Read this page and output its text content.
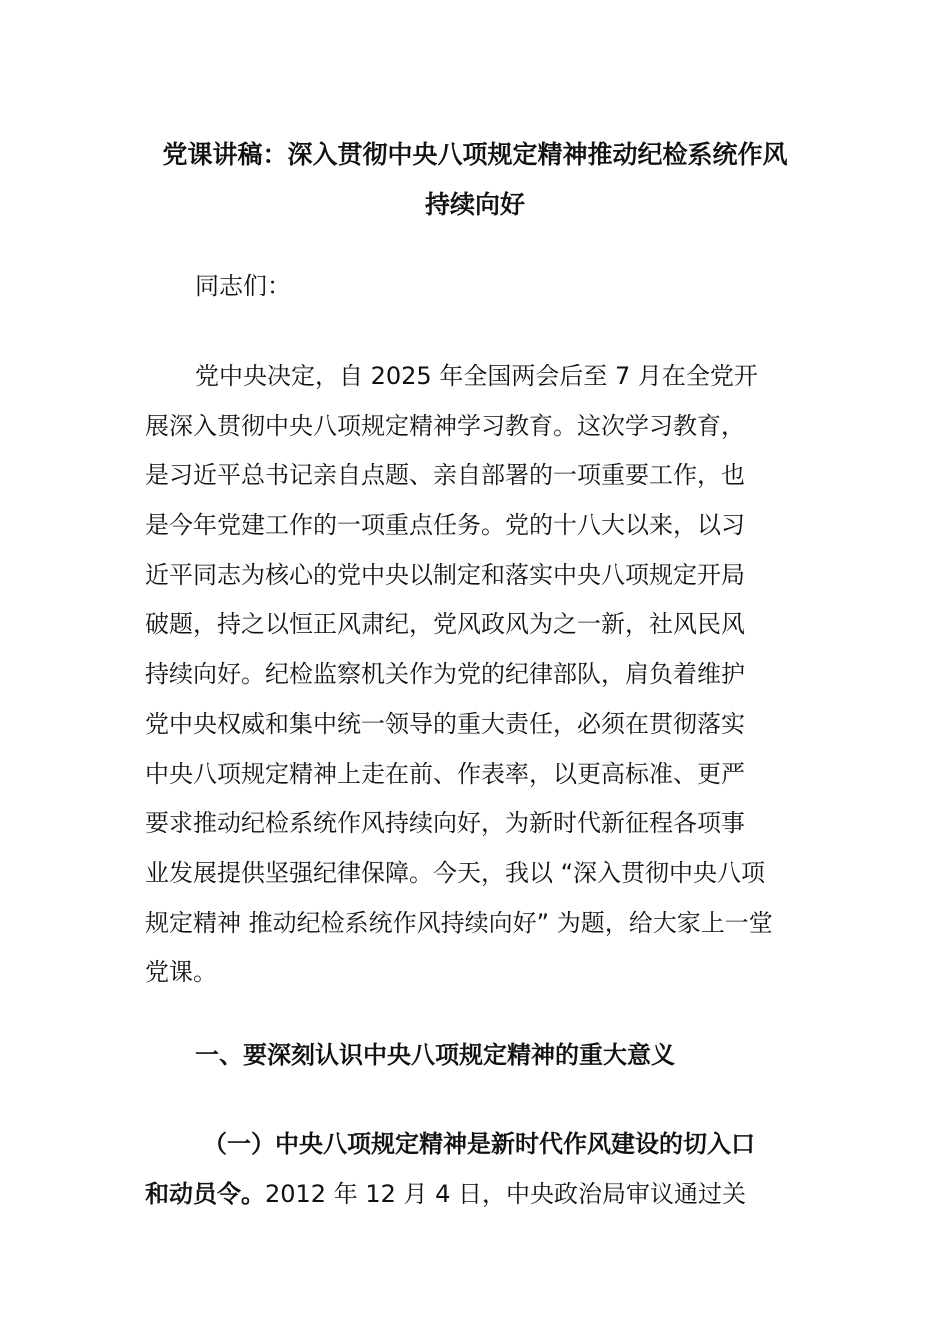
党课讲稿：深入贯彻中央八项规定精神推动纪检系统作风
持续向好
同志们：
党中央决定，自 2025 年全国两会后至 7 月在全党开
展深入贯彻中央八项规定精神学习教育。这次学习教育，
是习近平总书记亲自点题、亲自部署的一项重要工作，也
是今年党建工作的一项重点任务。党的十八大以来，以习
近平同志为核心的党中央以制定和落实中央八项规定开局
破题，持之以恒正风肃纪，党风政风为之一新，社风民风
持续向好。纪检监察机关作为党的纪律部队，肩负着维护
党中央权威和集中统一领导的重大责任，必须在贯彻落实
中央八项规定精神上走在前、作表率，以更高标准、更严
要求推动纪检系统作风持续向好，为新时代新征程各项事
业发展提供坚强纪律保障。今天，我以 “深入贯彻中央八项
规定精神 推动纪检系统作风持续向好” 为题，给大家上一堂
党课。
一、要深刻认识中央八项规定精神的重大意义
（一）中央八项规定精神是新时代作风建设的切入口
和动员令。2012 年 12 月 4 日，中央政治局审议通过关
